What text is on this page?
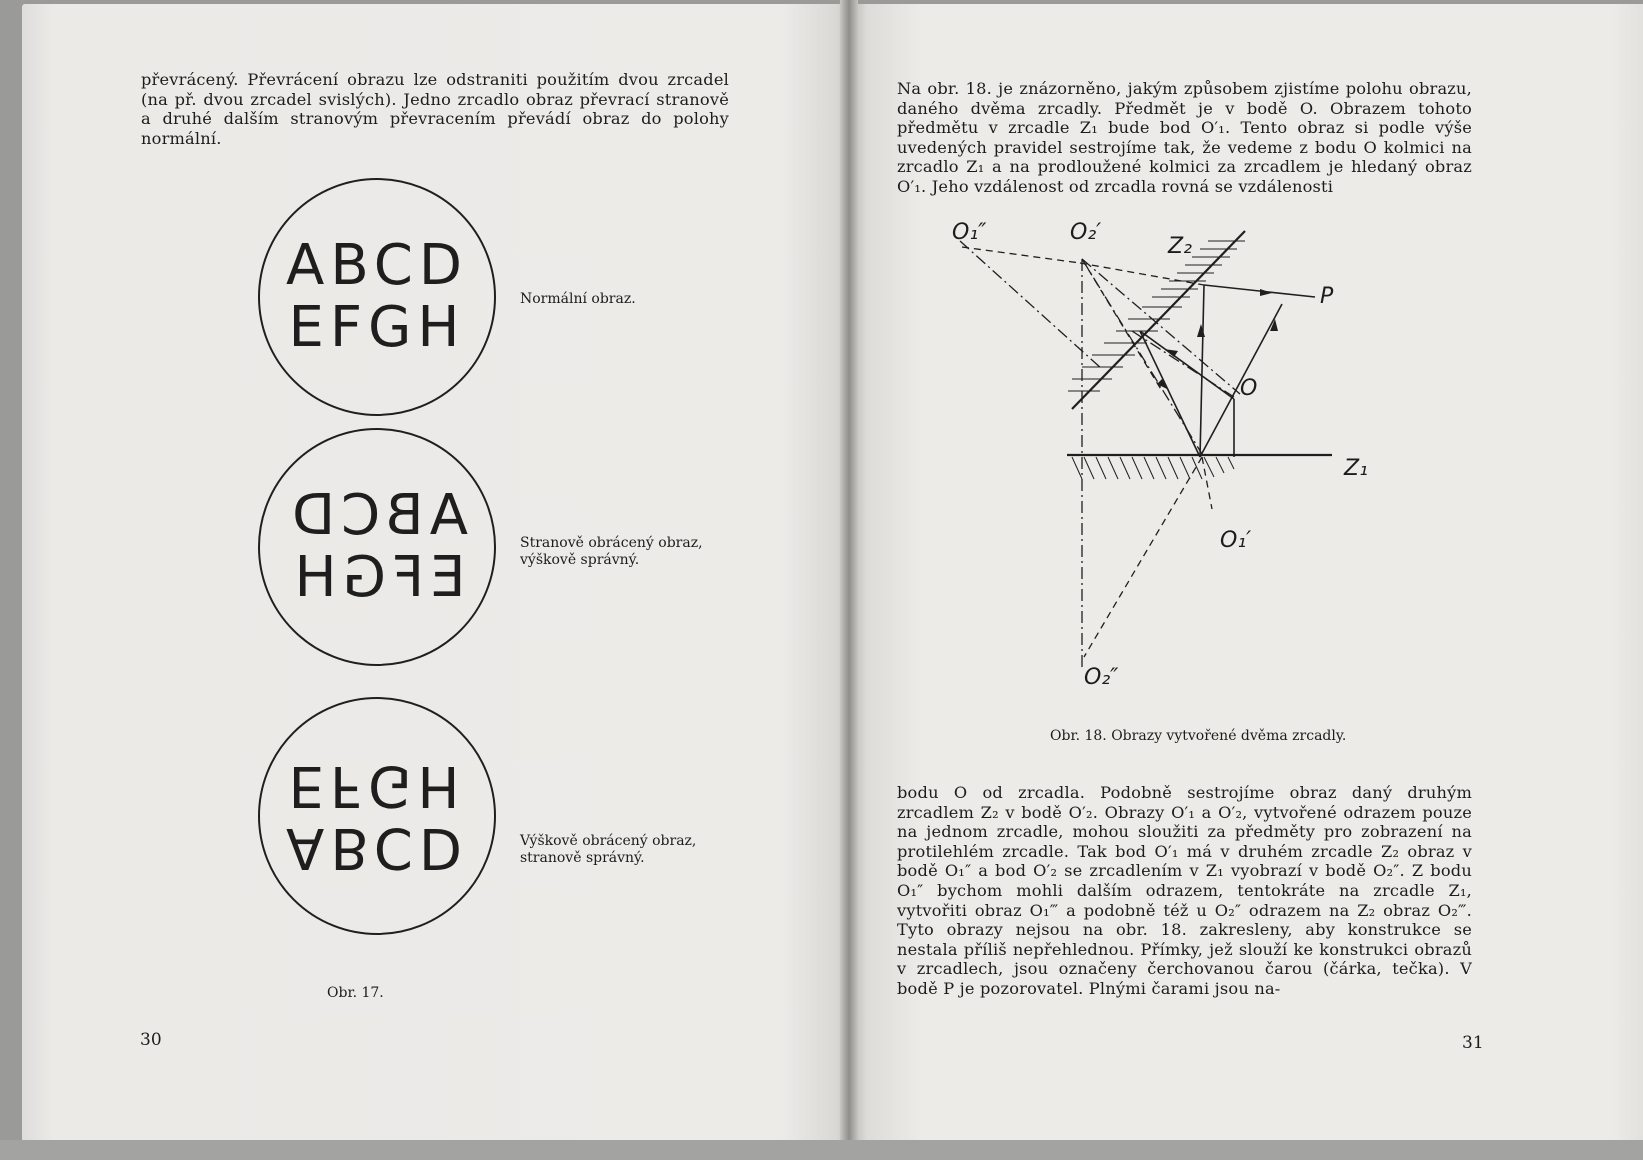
převrácený. Převrácení obrazu lze odstraniti použitím dvou zrcadel (na př. dvou zrcadel svislých). Jedno zrcadlo obraz převrací stranově a druhé dalším stranovým převracením převádí obraz do polohy normální.

ABCD
EFGH	Normální obraz.

ABCD
EFGH

Stranově obrácený obraz,

výškově správný.

EFGH
ABCD	Výškově obrácený obraz,

stranově správný.

Obr. 17.

30

Na obr. 18. je znázorněno, jakým způsobem zjistíme polohu obrazu, daného dvěma zrcadly. Předmět je v bodě O. Obrazem tohoto předmětu v zrcadle Z₁ bude bod O′₁. Tento obraz si podle výše uvedených pravidel sestrojíme tak, že vedeme z bodu O kolmici na zrcadlo Z₁ a na prodloužené kolmici za zrcadlem je hledaný obraz O′₁. Jeho vzdálenost od zrcadla rovná se vzdálenosti

O₁″	O₂′
Z₂
P
O
Z₁
O₁′
O₂″

Obr. 18. Obrazy vytvořené dvěma zrcadly.

bodu O od zrcadla. Podobně sestrojíme obraz daný druhým zrcadlem Z₂ v bodě O′₂. Obrazy O′₁ a O′₂, vytvořené odrazem pouze na jednom zrcadle, mohou sloužiti za předměty pro zobrazení na protilehlém zrcadle. Tak bod O′₁ má v druhém zrcadle Z₂ obraz v bodě O₁″ a bod O′₂ se zrcadlením v Z₁ vyobrazí v bodě O₂″. Z bodu O₁″ bychom mohli dalším odrazem, tentokráte na zrcadle Z₁, vytvořiti obraz O₁‴ a podobně též u O₂″ odrazem na Z₂ obraz O₂‴. Tyto obrazy nejsou na obr. 18. zakresleny, aby konstrukce se nestala příliš nepřehlednou. Přímky, jež slouží ke konstrukci obrazů v zrcadlech, jsou označeny čerchovanou čarou (čárka, tečka). V bodě P je pozorovatel. Plnými čarami jsou na-

31
